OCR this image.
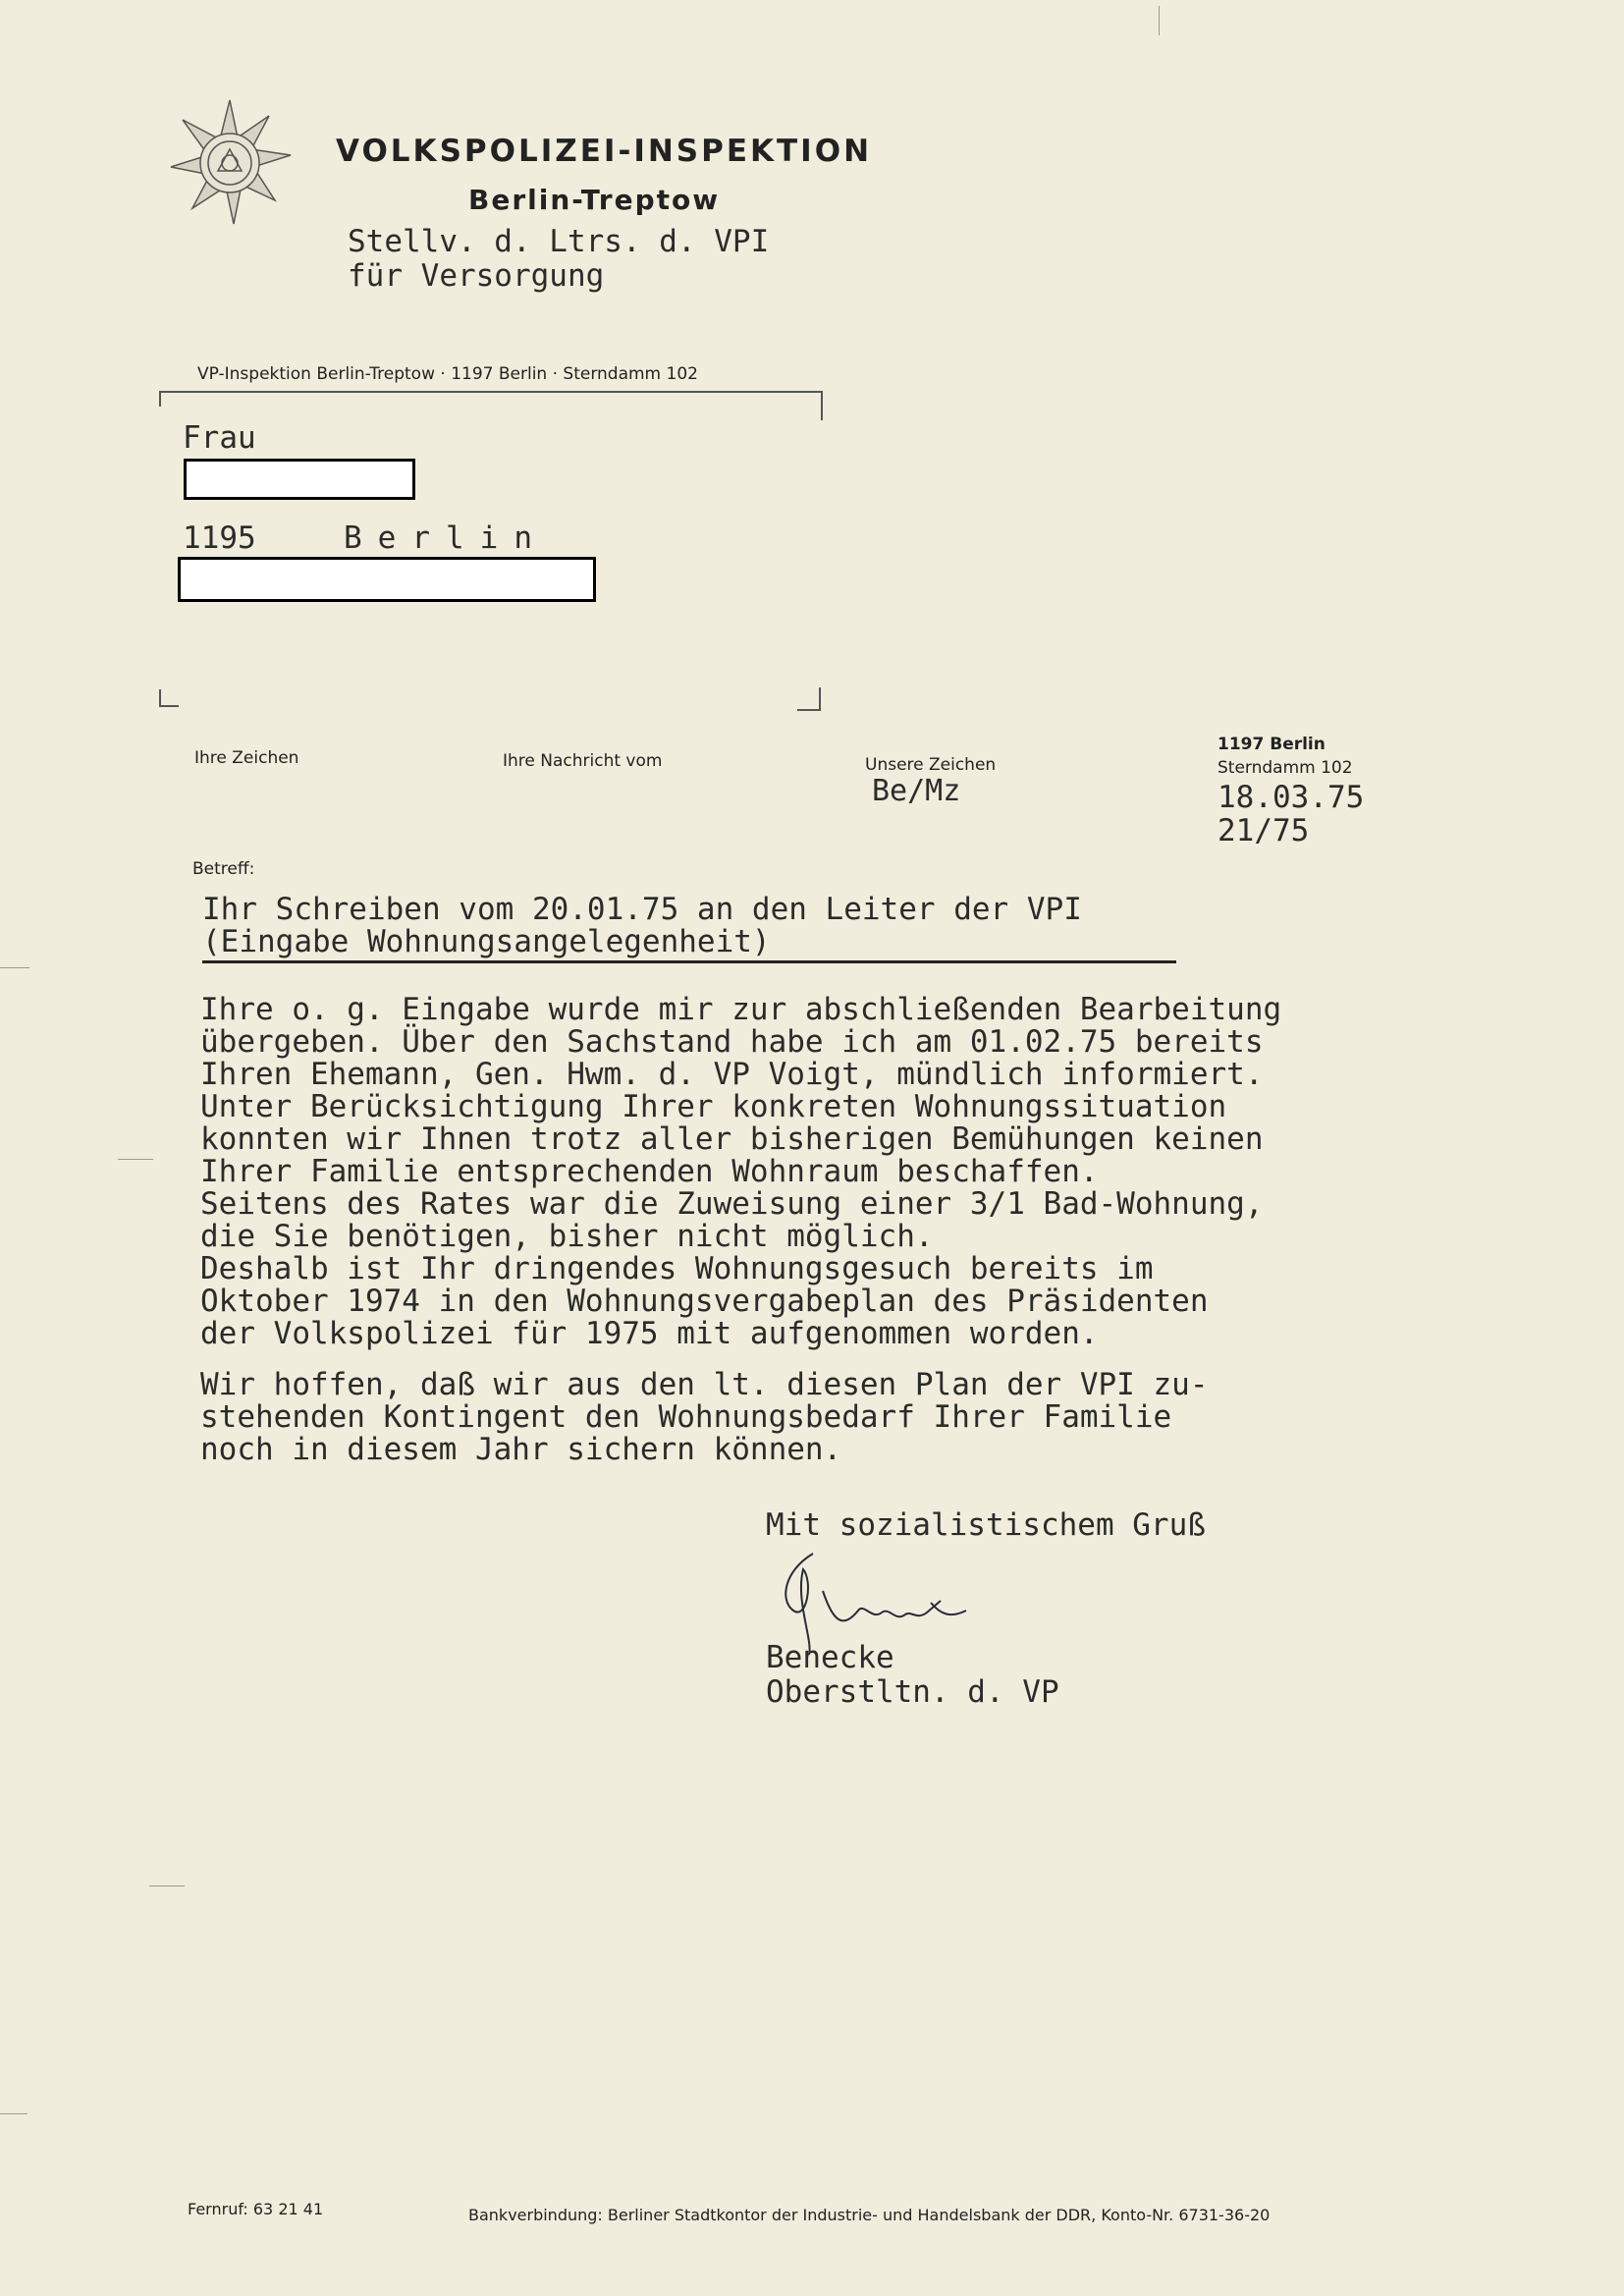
VOLKSPOLIZEI-INSPEKTION
Berlin-Treptow
Stellv. d. Ltrs. d. VPI
für Versorgung
VP-Inspektion Berlin-Treptow · 1197 Berlin · Sterndamm 102
Frau
1195	Berlin
Ihre Zeichen	Ihre Nachricht vom	Unsere Zeichen
1197 Berlin
Sterndamm 102
Be/Mz	18.03.75
21/75
Betreff:
Ihr Schreiben vom 20.01.75 an den Leiter der VPI
(Eingabe Wohnungsangelegenheit)
Ihre o. g. Eingabe wurde mir zur abschließenden Bearbeitung
übergeben. Über den Sachstand habe ich am 01.02.75 bereits
Ihren Ehemann, Gen. Hwm. d. VP Voigt, mündlich informiert.
Unter Berücksichtigung Ihrer konkreten Wohnungssituation
konnten wir Ihnen trotz aller bisherigen Bemühungen keinen
Ihrer Familie entsprechenden Wohnraum beschaffen.
Seitens des Rates war die Zuweisung einer 3/1 Bad-Wohnung,
die Sie benötigen, bisher nicht möglich.
Deshalb ist Ihr dringendes Wohnungsgesuch bereits im
Oktober 1974 in den Wohnungsvergabeplan des Präsidenten
der Volkspolizei für 1975 mit aufgenommen worden.
Wir hoffen, daß wir aus den lt. diesen Plan der VPI zu-
stehenden Kontingent den Wohnungsbedarf Ihrer Familie
noch in diesem Jahr sichern können.
Mit sozialistischem Gruß
Benecke
Oberstltn. d. VP
Fernruf: 63 21 41	Bankverbindung: Berliner Stadtkontor der Industrie- und Handelsbank der DDR, Konto-Nr. 6731-36-20
